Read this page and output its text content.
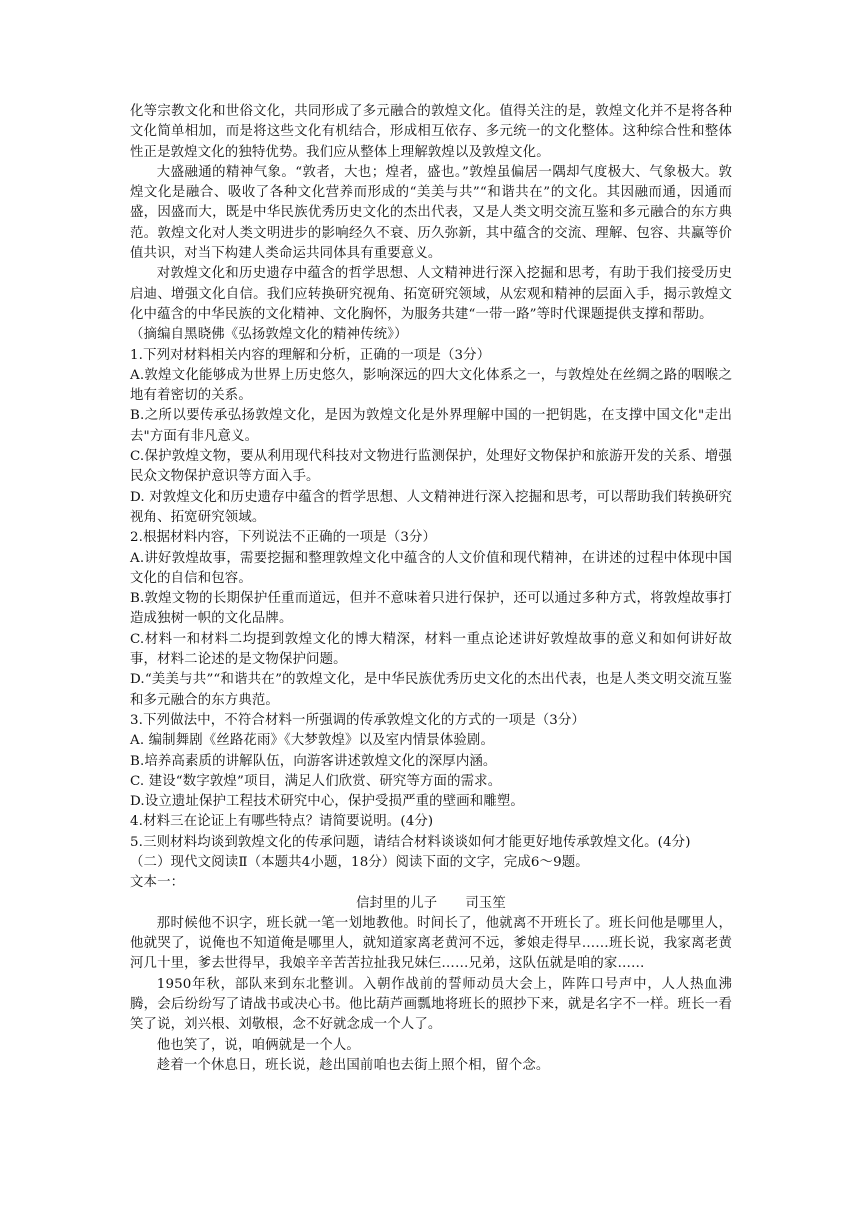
化等宗教文化和世俗文化，共同形成了多元融合的敦煌文化。值得关注的是，敦煌文化并不是将各种文化简单相加，而是将这些文化有机结合，形成相互依存、多元统一的文化整体。这种综合性和整体性正是敦煌文化的独特优势。我们应从整体上理解敦煌以及敦煌文化。

大盛融通的精神气象。“敦者，大也；煌者，盛也。”敦煌虽偏居一隅却气度极大、气象极大。敦煌文化是融合、吸收了各种文化营养而形成的“美美与共”“和谐共在”的文化。其因融而通，因通而盛，因盛而大，既是中华民族优秀历史文化的杰出代表，又是人类文明交流互鉴和多元融合的东方典范。敦煌文化对人类文明进步的影响经久不衰、历久弥新，其中蕴含的交流、理解、包容、共赢等价值共识，对当下构建人类命运共同体具有重要意义。

对敦煌文化和历史遗存中蕴含的哲学思想、人文精神进行深入挖掘和思考，有助于我们接受历史启迪、增强文化自信。我们应转换研究视角、拓宽研究领域，从宏观和精神的层面入手，揭示敦煌文化中蕴含的中华民族的文化精神、文化胸怀，为服务共建“一带一路”等时代课题提供支撑和帮助。

（摘编自黑晓佛《弘扬敦煌文化的精神传统》）

1.下列对材料相关内容的理解和分析，正确的一项是（3分）

A.敦煌文化能够成为世界上历史悠久，影响深远的四大文化体系之一，与敦煌处在丝绸之路的咽喉之地有着密切的关系。

B.之所以要传承弘扬敦煌文化，是因为敦煌文化是外界理解中国的一把钥匙，在支撑中国文化"走出去"方面有非凡意义。

C.保护敦煌文物，要从利用现代科技对文物进行监测保护，处理好文物保护和旅游开发的关系、增强民众文物保护意识等方面入手。

D. 对敦煌文化和历史遗存中蕴含的哲学思想、人文精神进行深入挖掘和思考，可以帮助我们转换研究视角、拓宽研究领域。

2.根据材料内容，下列说法不正确的一项是（3分）

A.讲好敦煌故事，需要挖掘和整理敦煌文化中蕴含的人文价值和现代精神，在讲述的过程中体现中国文化的自信和包容。

B.敦煌文物的长期保护任重而道远，但并不意味着只进行保护，还可以通过多种方式，将敦煌故事打造成独树一帜的文化品牌。

C.材料一和材料二均提到敦煌文化的博大精深，材料一重点论述讲好敦煌故事的意义和如何讲好故事，材料二论述的是文物保护问题。

D.“美美与共”“和谐共在”的敦煌文化，是中华民族优秀历史文化的杰出代表，也是人类文明交流互鉴和多元融合的东方典范。

3.下列做法中，不符合材料一所强调的传承敦煌文化的方式的一项是（3分）

A. 编制舞剧《丝路花雨》《大梦敦煌》以及室内情景体验剧。

B.培养高素质的讲解队伍，向游客讲述敦煌文化的深厚内涵。

C. 建设“数字敦煌”项目，满足人们欣赏、研究等方面的需求。

D.设立遗址保护工程技术研究中心，保护受损严重的壁画和雕塑。

4.材料三在论证上有哪些特点？请简要说明。(4分)

5.三则材料均谈到敦煌文化的传承问题，请结合材料谈谈如何才能更好地传承敦煌文化。(4分)

（二）现代文阅读Ⅱ（本题共4小题，18分）阅读下面的文字，完成6～9题。

文本一：

信封里的儿子 司玉笙

那时候他不识字，班长就一笔一划地教他。时间长了，他就离不开班长了。班长问他是哪里人，他就哭了，说俺也不知道俺是哪里人，就知道家离老黄河不远，爹娘走得早……班长说，我家离老黄河几十里，爹去世得早，我娘辛辛苦苦拉扯我兄妹仨……兄弟，这队伍就是咱的家……

1950年秋，部队来到东北整训。入朝作战前的誓师动员大会上，阵阵口号声中，人人热血沸腾，会后纷纷写了请战书或决心书。他比葫芦画瓢地将班长的照抄下来，就是名字不一样。班长一看笑了说，刘兴根、刘敬根，念不好就念成一个人了。

他也笑了，说，咱俩就是一个人。

趁着一个休息日，班长说，趁出国前咱也去街上照个相，留个念。
